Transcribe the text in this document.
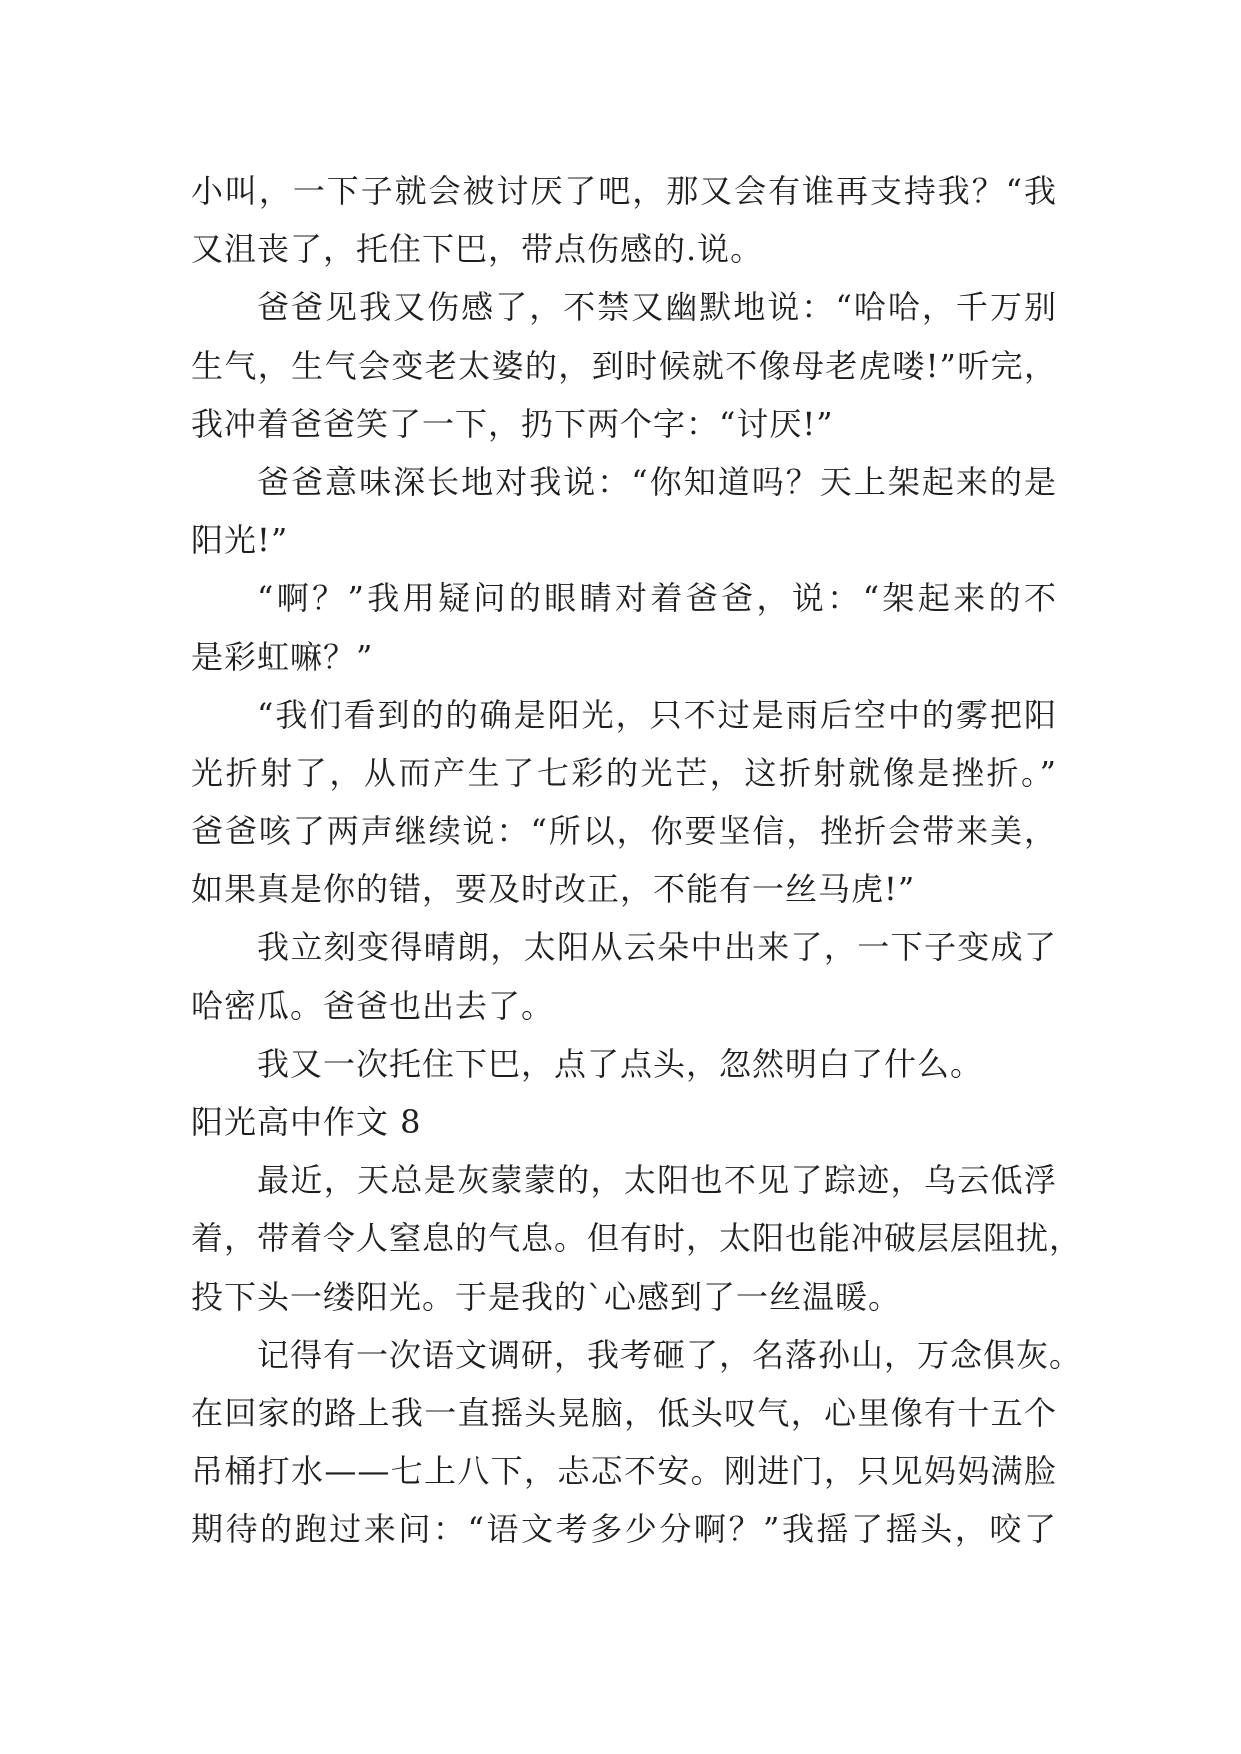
小叫，一下子就会被讨厌了吧，那又会有谁再支持我？“我
又沮丧了，托住下巴，带点伤感的.说。
爸爸见我又伤感了，不禁又幽默地说：“哈哈，千万别
生气，生气会变老太婆的，到时候就不像母老虎喽!”听完，
我冲着爸爸笑了一下，扔下两个字：“讨厌!”
爸爸意味深长地对我说：“你知道吗？天上架起来的是
阳光!”
“啊？”我用疑问的眼睛对着爸爸，说：“架起来的不
是彩虹嘛？”
“我们看到的的确是阳光，只不过是雨后空中的雾把阳
光折射了，从而产生了七彩的光芒，这折射就像是挫折。”
爸爸咳了两声继续说：“所以，你要坚信，挫折会带来美，
如果真是你的错，要及时改正，不能有一丝马虎!”
我立刻变得晴朗，太阳从云朵中出来了，一下子变成了
哈密瓜。爸爸也出去了。
我又一次托住下巴，点了点头，忽然明白了什么。
阳光高中作文 8
最近，天总是灰蒙蒙的，太阳也不见了踪迹，乌云低浮
着，带着令人窒息的气息。但有时，太阳也能冲破层层阻扰，
投下头一缕阳光。于是我的`心感到了一丝温暖。
记得有一次语文调研，我考砸了，名落孙山，万念俱灰。
在回家的路上我一直摇头晃脑，低头叹气，心里像有十五个
吊桶打水——七上八下，忐忑不安。刚进门，只见妈妈满脸
期待的跑过来问：“语文考多少分啊？”我摇了摇头，咬了
